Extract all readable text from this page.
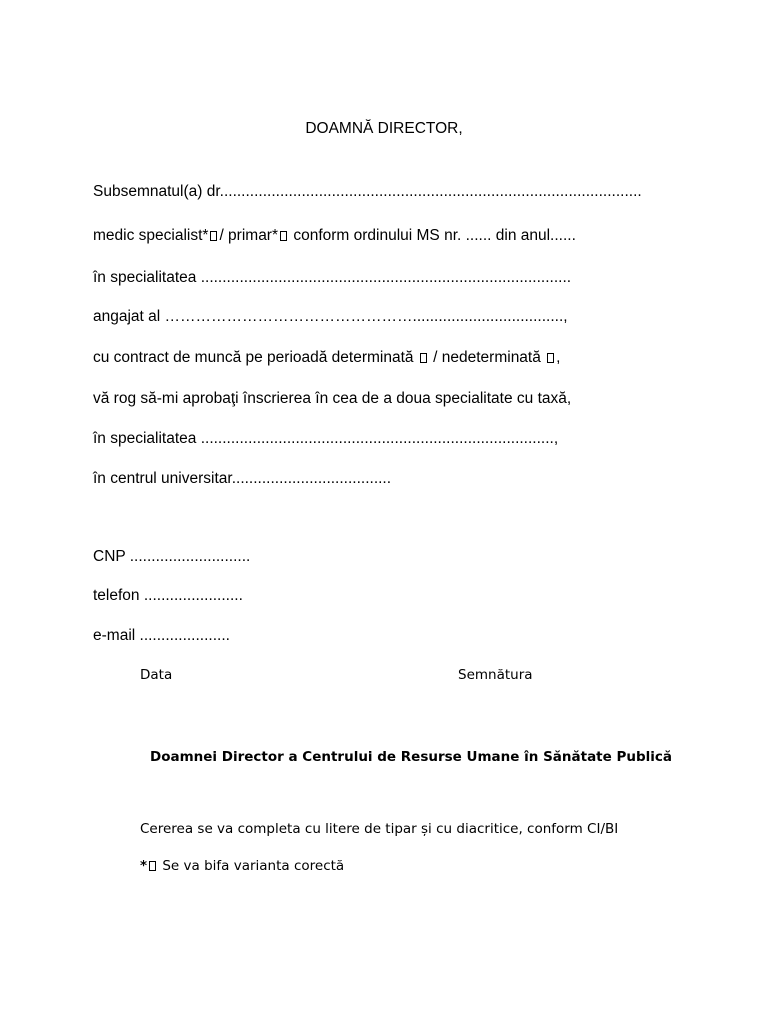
DOAMNĂ DIRECTOR,
Subsemnatul(a) dr..................................................................................................
medic specialist* / primar* conform ordinului MS nr. ...... din anul......
în specialitatea ......................................................................................
angajat al …………………………………………...................................,
cu contract de muncă pe perioadă determinată  / nedeterminată ,
vă rog să-mi aprobaţi înscrierea în cea de a doua specialitate cu taxă,
în specialitatea ..................................................................................,
în centrul universitar.....................................
CNP ............................
telefon .......................
e-mail .....................
Data	Semnătura
Doamnei Director a Centrului de Resurse Umane în Sănătate Publică
Cererea se va completa cu litere de tipar și cu diacritice, conform CI/BI
* Se va bifa varianta corectă
